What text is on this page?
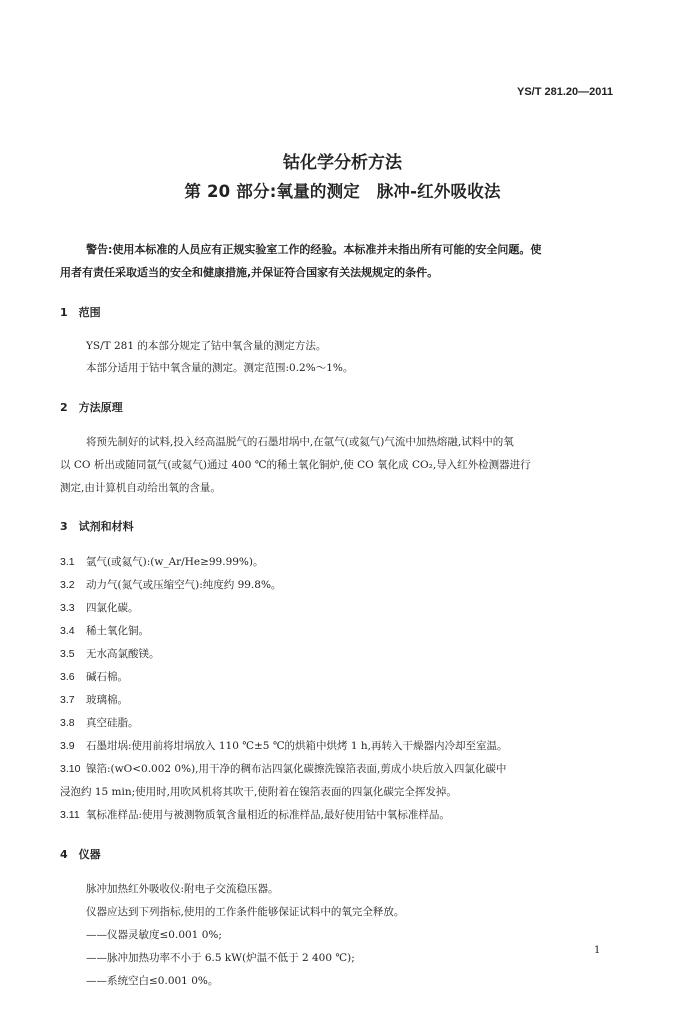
YS/T 281.20—2011
钴化学分析方法
第 20 部分:氧量的测定　脉冲-红外吸收法
警告:使用本标准的人员应有正规实验室工作的经验。本标准并未指出所有可能的安全问题。使
用者有责任采取适当的安全和健康措施,并保证符合国家有关法规规定的条件。
1　范围
YS/T 281 的本部分规定了钴中氧含量的测定方法。
本部分适用于钴中氧含量的测定。测定范围:0.2%～1%。
2　方法原理
将预先制好的试料,投入经高温脱气的石墨坩埚中,在氩气(或氦气)气流中加热熔融,试料中的氧
以 CO 析出或随同氩气(或氦气)通过 400 ℃的稀土氧化铜炉,使 CO 氧化成 CO₂,导入红外检测器进行
测定,由计算机自动给出氧的含量。
3　试剂和材料
3.1 氩气(或氦气):(w_Ar/He≥99.99%)。
3.2 动力气(氮气或压缩空气):纯度约 99.8%。
3.3 四氯化碳。
3.4 稀土氧化铜。
3.5 无水高氯酸镁。
3.6 碱石棉。
3.7 玻璃棉。
3.8 真空硅脂。
3.9 石墨坩埚:使用前将坩埚放入 110 ℃±5 ℃的烘箱中烘烤 1 h,再转入干燥器内冷却至室温。
3.10 镍箔:(wO<0.002 0%),用干净的稠布沾四氯化碳擦洗镍箔表面,剪成小块后放入四氯化碳中
浸泡约 15 min;使用时,用吹风机将其吹干,使附着在镍箔表面的四氯化碳完全挥发掉。
3.11 氧标准样品:使用与被测物质氧含量相近的标准样品,最好使用钴中氧标准样品。
4　仪器
脉冲加热红外吸收仪:附电子交流稳压器。
仪器应达到下列指标,使用的工作条件能够保证试料中的氧完全释放。
——仪器灵敏度≤0.001 0%;
——脉冲加热功率不小于 6.5 kW(炉温不低于 2 400 ℃);
——系统空白≤0.001 0%。
1
